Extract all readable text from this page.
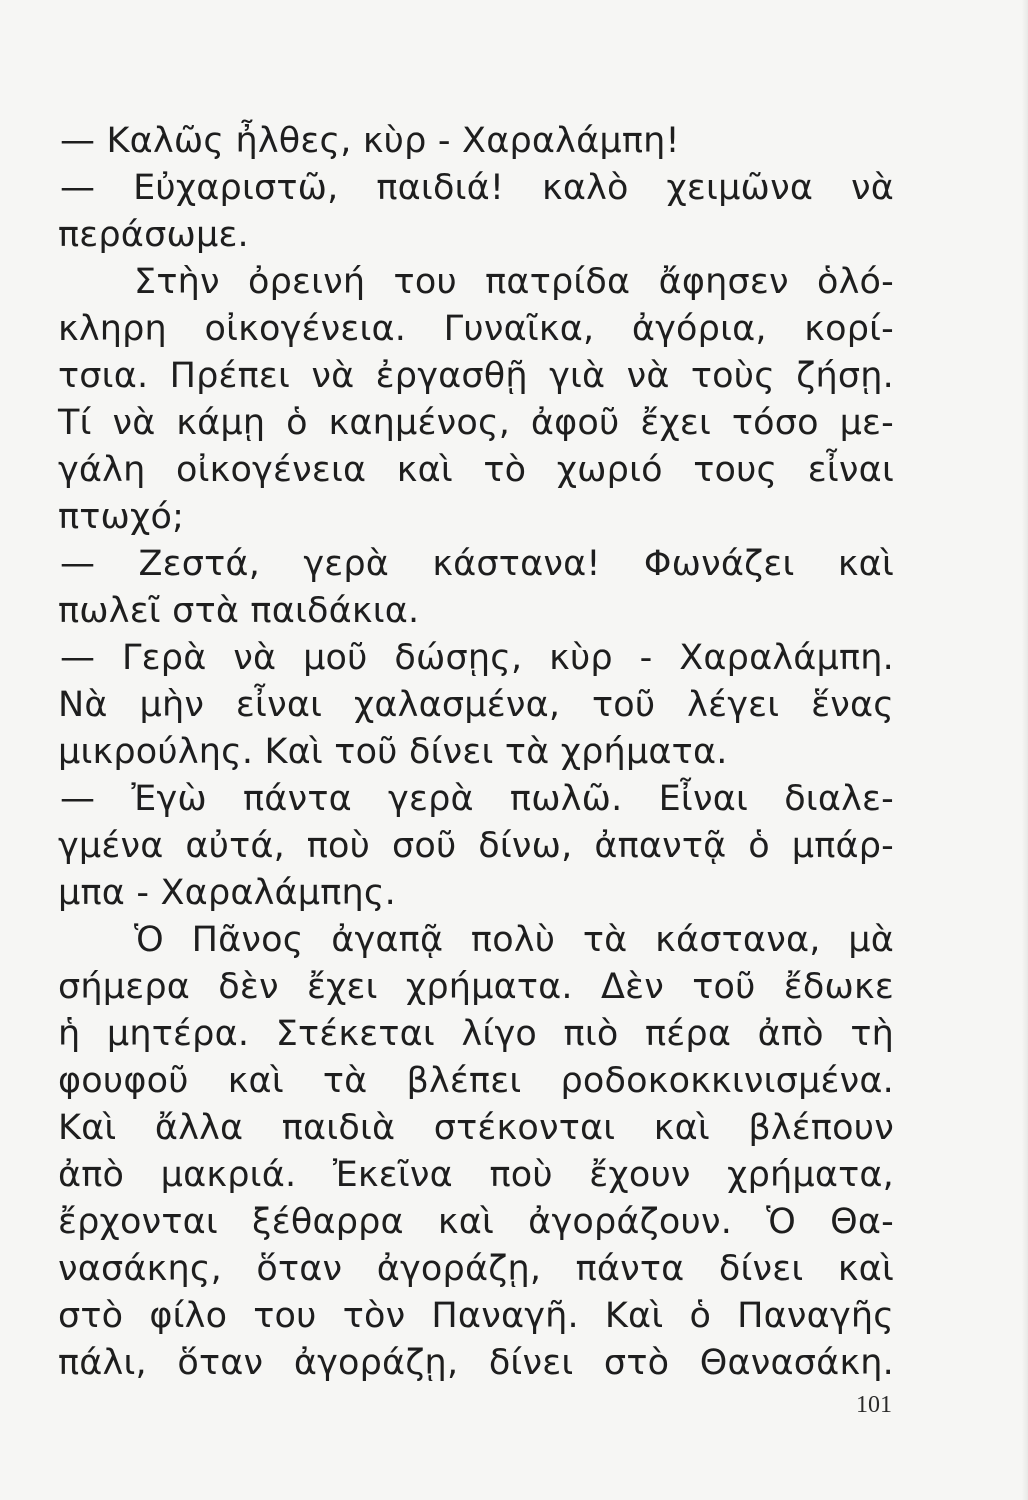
— Καλῶς ἦλθες, κὺρ - Χαραλάμπη!
— Εὐχαριστῶ, παιδιά! καλὸ χειμῶνα νὰ
περάσωμε.
Στὴν ὀρεινή του πατρίδα ἄφησεν ὁλό-
κληρη οἰκογένεια. Γυναῖκα, ἀγόρια, κορί-
τσια. Πρέπει νὰ ἐργασθῇ γιὰ νὰ τοὺς ζήσῃ.
Τί νὰ κάμῃ ὁ καημένος, ἀφοῦ ἔχει τόσο με-
γάλη οἰκογένεια καὶ τὸ χωριό τους εἶναι
πτωχό;
— Ζεστά, γερὰ κάστανα! Φωνάζει καὶ
πωλεῖ στὰ παιδάκια.
— Γερὰ νὰ μοῦ δώσῃς, κὺρ - Χαραλάμπη.
Νὰ μὴν εἶναι χαλασμένα, τοῦ λέγει ἕνας
μικρούλης. Καὶ τοῦ δίνει τὰ χρήματα.
— Ἐγὼ πάντα γερὰ πωλῶ. Εἶναι διαλε-
γμένα αὐτά, ποὺ σοῦ δίνω, ἀπαντᾷ ὁ μπάρ-
μπα - Χαραλάμπης.
Ὁ Πᾶνος ἀγαπᾷ πολὺ τὰ κάστανα, μὰ
σήμερα δὲν ἔχει χρήματα. Δὲν τοῦ ἔδωκε
ἡ μητέρα. Στέκεται λίγο πιὸ πέρα ἀπὸ τὴ
φουφοῦ καὶ τὰ βλέπει ροδοκοκκινισμένα.
Καὶ ἄλλα παιδιὰ στέκονται καὶ βλέπουν
ἀπὸ μακριά. Ἐκεῖνα ποὺ ἔχουν χρήματα,
ἔρχονται ξέθαρρα καὶ ἀγοράζουν. Ὁ Θα-
νασάκης, ὅταν ἀγοράζῃ, πάντα δίνει καὶ
στὸ φίλο του τὸν Παναγῆ. Καὶ ὁ Παναγῆς
πάλι, ὅταν ἀγοράζῃ, δίνει στὸ Θανασάκη.
101
